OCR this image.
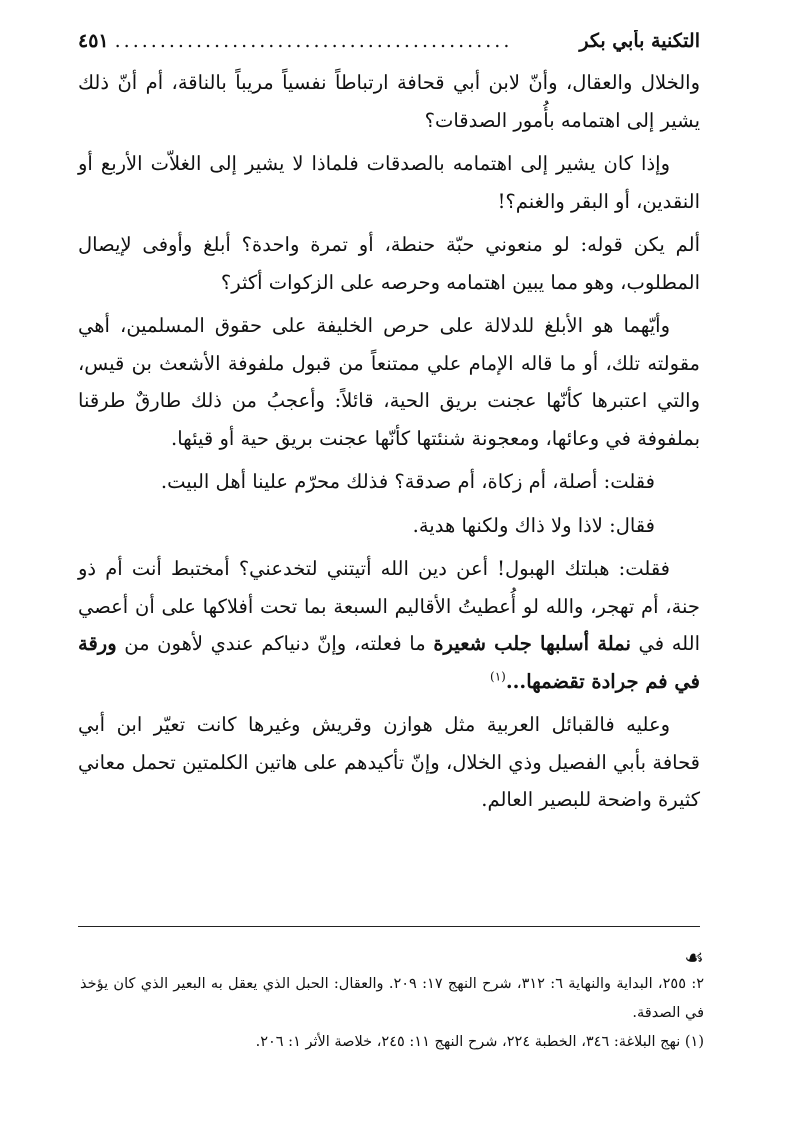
التكنية بأبي بكر
............................................
٤٥١

والخلال والعقال، وأنّ لابن أبي قحافة ارتباطاً نفسياً مريباً بالناقة، أم أنّ ذلك يشير إلى اهتمامه بأُمور الصدقات؟

وإذا كان يشير إلى اهتمامه بالصدقات فلماذا لا يشير إلى الغلاّت الأربع أو النقدين، أو البقر والغنم؟!

ألم يكن قوله: لو منعوني حبّة حنطة، أو تمرة واحدة؟ أبلغ وأوفى لإيصال المطلوب، وهو مما يبين اهتمامه وحرصه على الزكوات أكثر؟

وأيّهما هو الأبلغ للدلالة على حرص الخليفة على حقوق المسلمين، أهي مقولته تلك، أو ما قاله الإمام علي ممتنعاً من قبول ملفوفة الأشعث بن قيس، والتي اعتبرها كأنّها عجنت بريق الحية، قائلاً: وأعجبُ من ذلك طارقٌ طرقنا بملفوفة في وعائها، ومعجونة شنئتها كأنّها عجنت بريق حية أو قيئها.

فقلت: أصلة، أم زكاة، أم صدقة؟ فذلك محرّم علينا أهل البيت.

فقال: لاذا ولا ذاك ولكنها هدية.

فقلت: هبلتك الهبول! أعن دين الله أتيتني لتخدعني؟ أمختبط أنت أم ذو جنة، أم تهجر، والله لو أُعطيتُ الأقاليم السبعة بما تحت أفلاكها على أن أعصي الله في نملة أسلبها جلب شعيرة ما فعلته، وإنّ دنياكم عندي لأهون من ورقة في فم جرادة تقضمها...$^{(١)}$

وعليه فالقبائل العربية مثل هوازن وقريش وغيرها كانت تعيّر ابن أبي قحافة بأبي الفصيل وذي الخلال، وإنّ تأكيدهم على هاتين الكلمتين تحمل معاني كثيرة واضحة للبصير العالم.

☙

٢: ٢٥٥، البداية والنهاية ٦: ٣١٢، شرح النهج ١٧: ٢٠٩. والعقال: الحبل الذي يعقل به البعير الذي كان يؤخذ في الصدقة.

(١) نهج البلاغة: ٣٤٦، الخطبة ٢٢٤، شرح النهج ١١: ٢٤٥، خلاصة الأثر ١: ٢٠٦.
